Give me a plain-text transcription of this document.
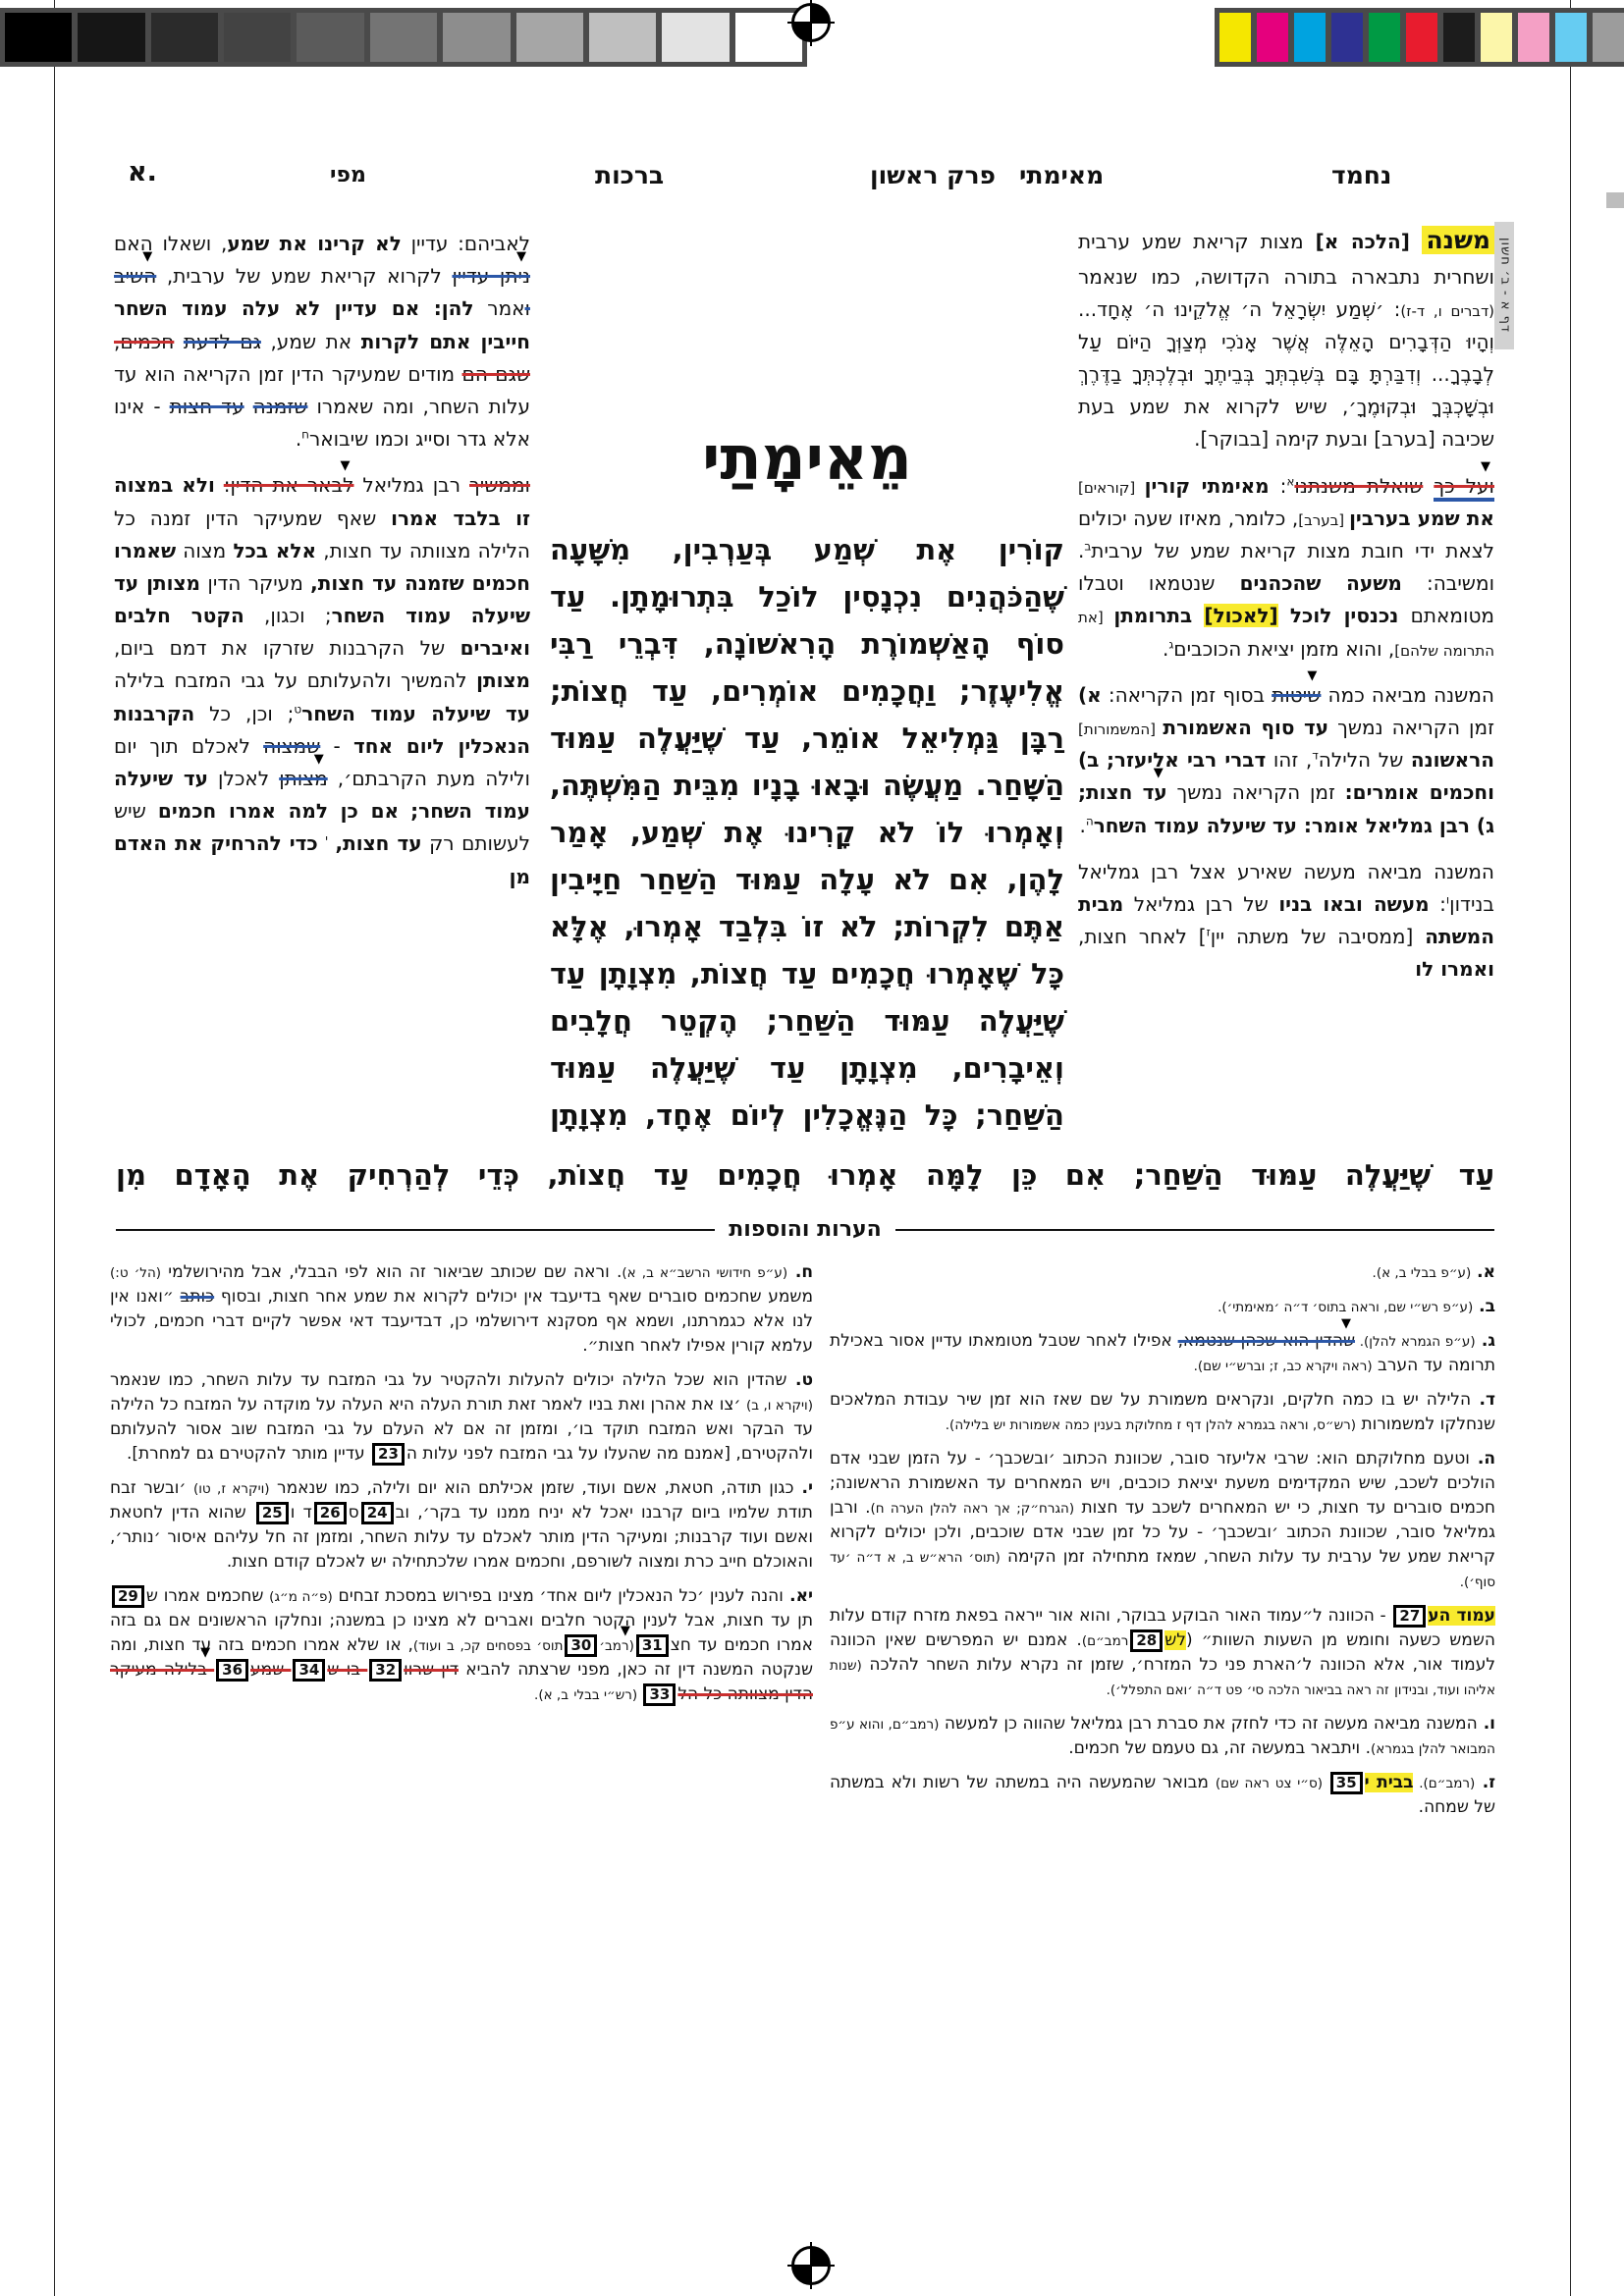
נחמד
מאימתי
פרק ראשון
ברכות
מפי
א.
דף א - ב׳ חשון

משנה [הלכה א] מצות קריאת שמע ערבית ושחרית נתבארה בתורה הקדושה, כמו שנאמר (דברים ו, ד-ז): ׳שְׁמַע יִשְׂרָאֵל ה׳ אֱלֹקֵינוּ ה׳ אֶחָד... וְהָיוּ הַדְּבָרִים הָאֵלֶּה אֲשֶׁר אָנֹכִי מְצַוְּךָ הַיּוֹם עַל לְבָבֶךָ... וְדִבַּרְתָּ בָּם בְּשִׁבְתְּךָ בְּבֵיתֶךָ וּבְלֶכְתְּךָ בַדֶּרֶךְ וּבְשָׁכְבְּךָ וּבְקוּמֶךָ׳, שיש לקרוא את שמע בעת שכיבה [בערב] ובעת קימה [בבוקר].

ועל כך ▼ שואלת משנתנו$^א$: מאימתי קורין [קוראים] את שמע בערבין [בערב], כלומר, מאיזו שעה יכולים לצאת ידי חובת מצות קריאת שמע של ערבית$^ב$. ומשיבה: משעה שהכהנים שנטמאו וטבלו מטומאתם נכנסין לוכל [לאכול] בתרומתן [את התרומה שלהם], והוא מזמן יציאת הכוכבים$^ג$.

המשנה מביאה כמה שיטות ▼ בסוף זמן הקריאה: א) זמן הקריאה נמשך עד סוף האשמורת [המשמורות] הראשונה של הלילה$^ד$, זהו דברי רבי אליעזר; ב) וחכמים אומרים: זמן הקריאה נמשך עד חצות; ▼ ג) רבן גמליאל אומר: עד שיעלה עמוד השחר$^ה$.

המשנה מביאה מעשה שאירע אצל רבן גמליאל בנידון$^ו$: מעשה ובאו בניו של רבן גמליאל מבית המשתה [ממסיבה של משתה יין$^ז$] לאחר חצות, ואמרו לו

מֵאֵימָתַי
קוֹרִין אֶת שְׁמַע בְּעַרְבִין, מִשָּׁעָה
שֶׁהַכֹּהֲנִים נִכְנָסִין לוֹכַל בִּתְרוּמָתָן. עַד
סוֹף הָאַשְׁמוֹרֶת הָרִאשׁוֹנָה, דִּבְרֵי רַבִּי
אֱלִיעֶזֶר; וַחֲכָמִים אוֹמְרִים, עַד חֲצוֹת;
רַבָּן גַּמְלִיאֵל אוֹמֵר, עַד שֶׁיַּעֲלֶה עַמּוּד
הַשָּׁחַר. מַעֲשֶׂה וּבָאוּ בָנָיו מִבֵּית הַמִּשְׁתֶּה,
וְאָמְרוּ לוֹ לֹא קָרִינוּ אֶת שְׁמַע, אָמַר
לָהֶן, אִם לֹא עָלָה עַמּוּד הַשַּׁחַר חַיָּיבִין
אַתֶּם לִקְרוֹת; לֹא זוֹ בִּלְבַד אָמְרוּ, אֶלָּא
כָּל שֶׁאָמְרוּ חֲכָמִים עַד חֲצוֹת, מִצְוָתָן עַד
שֶׁיַּעֲלֶה עַמּוּד הַשַּׁחַר; הֶקְטֵר חֲלָבִים
וְאֵיבָרִים, מִצְוָתָן עַד שֶׁיַּעֲלֶה עַמּוּד
הַשַּׁחַר; כָּל הַנֶּאֱכָלִין לְיוֹם אֶחָד, מִצְוָתָן
עַד שֶׁיַּעֲלֶה עַמּוּד הַשַּׁחַר; אִם כֵּן לָמָּה אָמְרוּ חֲכָמִים עַד חֲצוֹת, כְּדֵי לְהַרְחִיק אֶת הָאָדָם מִן

לאביהם: עדיין לא קרינו את שמע, ושאלו האם ניתן עדיין ▼ לקרוא קריאת שמע של ערבית, השיב ו ▼אמר להן: אם עדיין לא עלה עמוד השחר חייבין אתם לקרות את שמע, גם לדעת חכמים, שגם הם מודים שמעיקר הדין זמן הקריאה הוא עד עלות השחר, ומה שאמרו שזמנה עד חצות - אינו אלא גדר וסייג וכמו שיבואר$^ח$.

וממשיך רבן גמליאל לבאר את הדין: ▼ ולא במצוה זו בלבד אמרו שאף שמעיקר הדין זמנה כל הלילה מצוותה עד חצות, אלא בכל מצוה שאמרו חכמים שזמנה עד חצות, מעיקר הדין מצותן עד שיעלה עמוד השחר; וכגון, הקטר חלבים ואיברים של הקרבנות שזרקו את דמם ביום, מצותן להמשיך ולהעלותם על גבי המזבח בלילה עד שיעלה עמוד השחר$^ט$; וכן, כל הקרבנות הנאכלין ליום אחד - שמצוה לאכלם תוך יום ולילה מעת הקרבתם׳, מצותן ▼ לאכלן עד שיעלה עמוד השחר; אם כן למה אמרו חכמים שיש לעשותם רק עד חצות, $^י$ כדי להרחיק את האדם מן

הערות והוספות
א. (ע״פ בבלי ב, א).
ב. (ע״פ רש״י שם, וראה בתוס׳ ד״ה ׳מאימתי׳).
ג. (ע״פ הגמרא להלן). שהדין הוא שכהן שנטמא, ▼ אפילו לאחר שטבל מטומאתו עדיין אסור באכילת תרומה עד הערב (ראה ויקרא כב, ז; וברש״י שם).
ד. הלילה יש בו כמה חלקים, ונקראים משמורת על שם שאז הוא זמן שיר עבודת המלאכים שנחלקו למשמורות (רש״ס, וראה בגמרא להלן דף ז מחלוקת בענין כמה אשמורות יש בלילה).
ה. וטעם מחלוקתם הוא: שרבי אליעזר סובר, שכוונת הכתוב ׳ובשכבך׳ - על הזמן שבני אדם הולכים לשכב, שיש המקדימים משעת יציאת כוכבים, ויש המאחרים עד האשמורת הראשונה; חכמים סוברים עד חצות, כי יש המאחרים לשכב עד חצות (הגרח״ק; אך ראה להלן הערה ח). ורבן גמליאל סובר, שכוונת הכתוב ׳ובשכבך׳ - על כל זמן שבני אדם שוכבים, ולכן יכולים לקרוא קריאת שמע של ערבית עד עלות השחר, שמאז מתחילה זמן הקימה (תוס׳ הרא״ש ב, א ד״ה ׳עד סוף׳).
עמוד הע27 - הכוונה ל״עמוד האור הבוקע בבוקר, והוא אור ייראה בפאת מזרח קודם עלות השמש כשעה וחומש מן השעות השוות״ (לש28רמב״ם). אמנם יש המפרשים שאין הכוונה לעמוד אור, אלא הכוונה ל׳הארת פני כל המזרח׳, שזמן זה נקרא עלות השחר להלכה (שנות אליהו ועוד, ובנידון זה ראה בביאור הלכה סי׳ פט ד״ה ׳ואם התפלל׳).
ו. המשנה מביאה מעשה זה כדי לחזק את סברת רבן גמליאל שהווה כן למעשה (רמב״ם, והוא ע״פ המבואר להלן בגמרא). ויתבאר במעשה זה, גם טעמם של חכמים.
ז. (רמב״ם). בבית י35 (ס״י צט ראה שם) מבואר שהמעשה היה במשתה של רשות ולא במשתה של שמחה.
ח. (ע״פ חידושי הרשב״א ב, א). וראה שם שכותב שביאור זה הוא לפי הבבלי, אבל מהירושלמי (הל׳ ט:) משמע שחכמים סוברים שאף בדיעבד אין יכולים לקרוא את שמע אחר חצות, ובסוף כותב ״ואנו אין לנו אלא כגמרתנו, ושמא אף מסקנא דירושלמי כן, דבדיעבד דאי אפשר לקיים דברי חכמים, לכולי עלמא קורין אפילו לאחר חצות״.
ט. שהדין הוא שכל הלילה יכולים להעלות ולהקטיר על גבי המזבח עד עלות השחר, כמו שנאמר (ויקרא ו, ב) ׳צו את אהרן ואת בניו לאמר זאת תורת העלה היא העלה על מוקדה על המזבח כל הלילה עד הבקר ואש המזבח תוקד בו׳, ומזמן זה אם לא העלם על גבי המזבח שוב אסור להעלותם ולהקטירם, [אמנם מה שהעלו על גבי המזבח לפני עלות ה23 עדיין מותר להקטירם גם למחרת].
י. כגון תודה, חטאת, אשם ועוד, שזמן אכילתם הוא יום ולילה, כמו שנאמר (ויקרא ז, טו) ׳ובשר זבח תודת שלמיו ביום קרבנו יאכל לא יניח ממנו עד בקר׳, וב24ס26ד ו25 שהוא הדין לחטאת ואשם ועוד קרבנות; ומעיקר הדין מותר לאכלם עד עלות השחר, ומזמן זה חל עליהם איסור ׳נותר׳, והאוכלם חייב כרת ומצוה לשורפם, וחכמים אמרו שלכתחילה יש לאכלם קודם חצות.
יא. והנה לענין ׳כל הנאכלין ליום אחד׳ מצינו בפירוש במסכת זבחים (פ״ה מ״ג) שחכמים אמרו ש29תן עד חצות, אבל לענין הקטר חלבים ואברים לא מצינו כן במשנה; ונחלקו הראשונים אם גם בזה אמרו חכמים עד חצ31(רמב׳ ▼30תוס׳ בפסחים קכ, ב ועוד), או שלא אמרו חכמים בזה עד חצות, ומה שנקטה המשנה דין זה כאן, מפני שרצתה להביא דין שרוו32 בו ש34 שמע36 בלילה מעיקר הדין מצוותה כל הל ▼33 (רש״י בבלי ב, א).
